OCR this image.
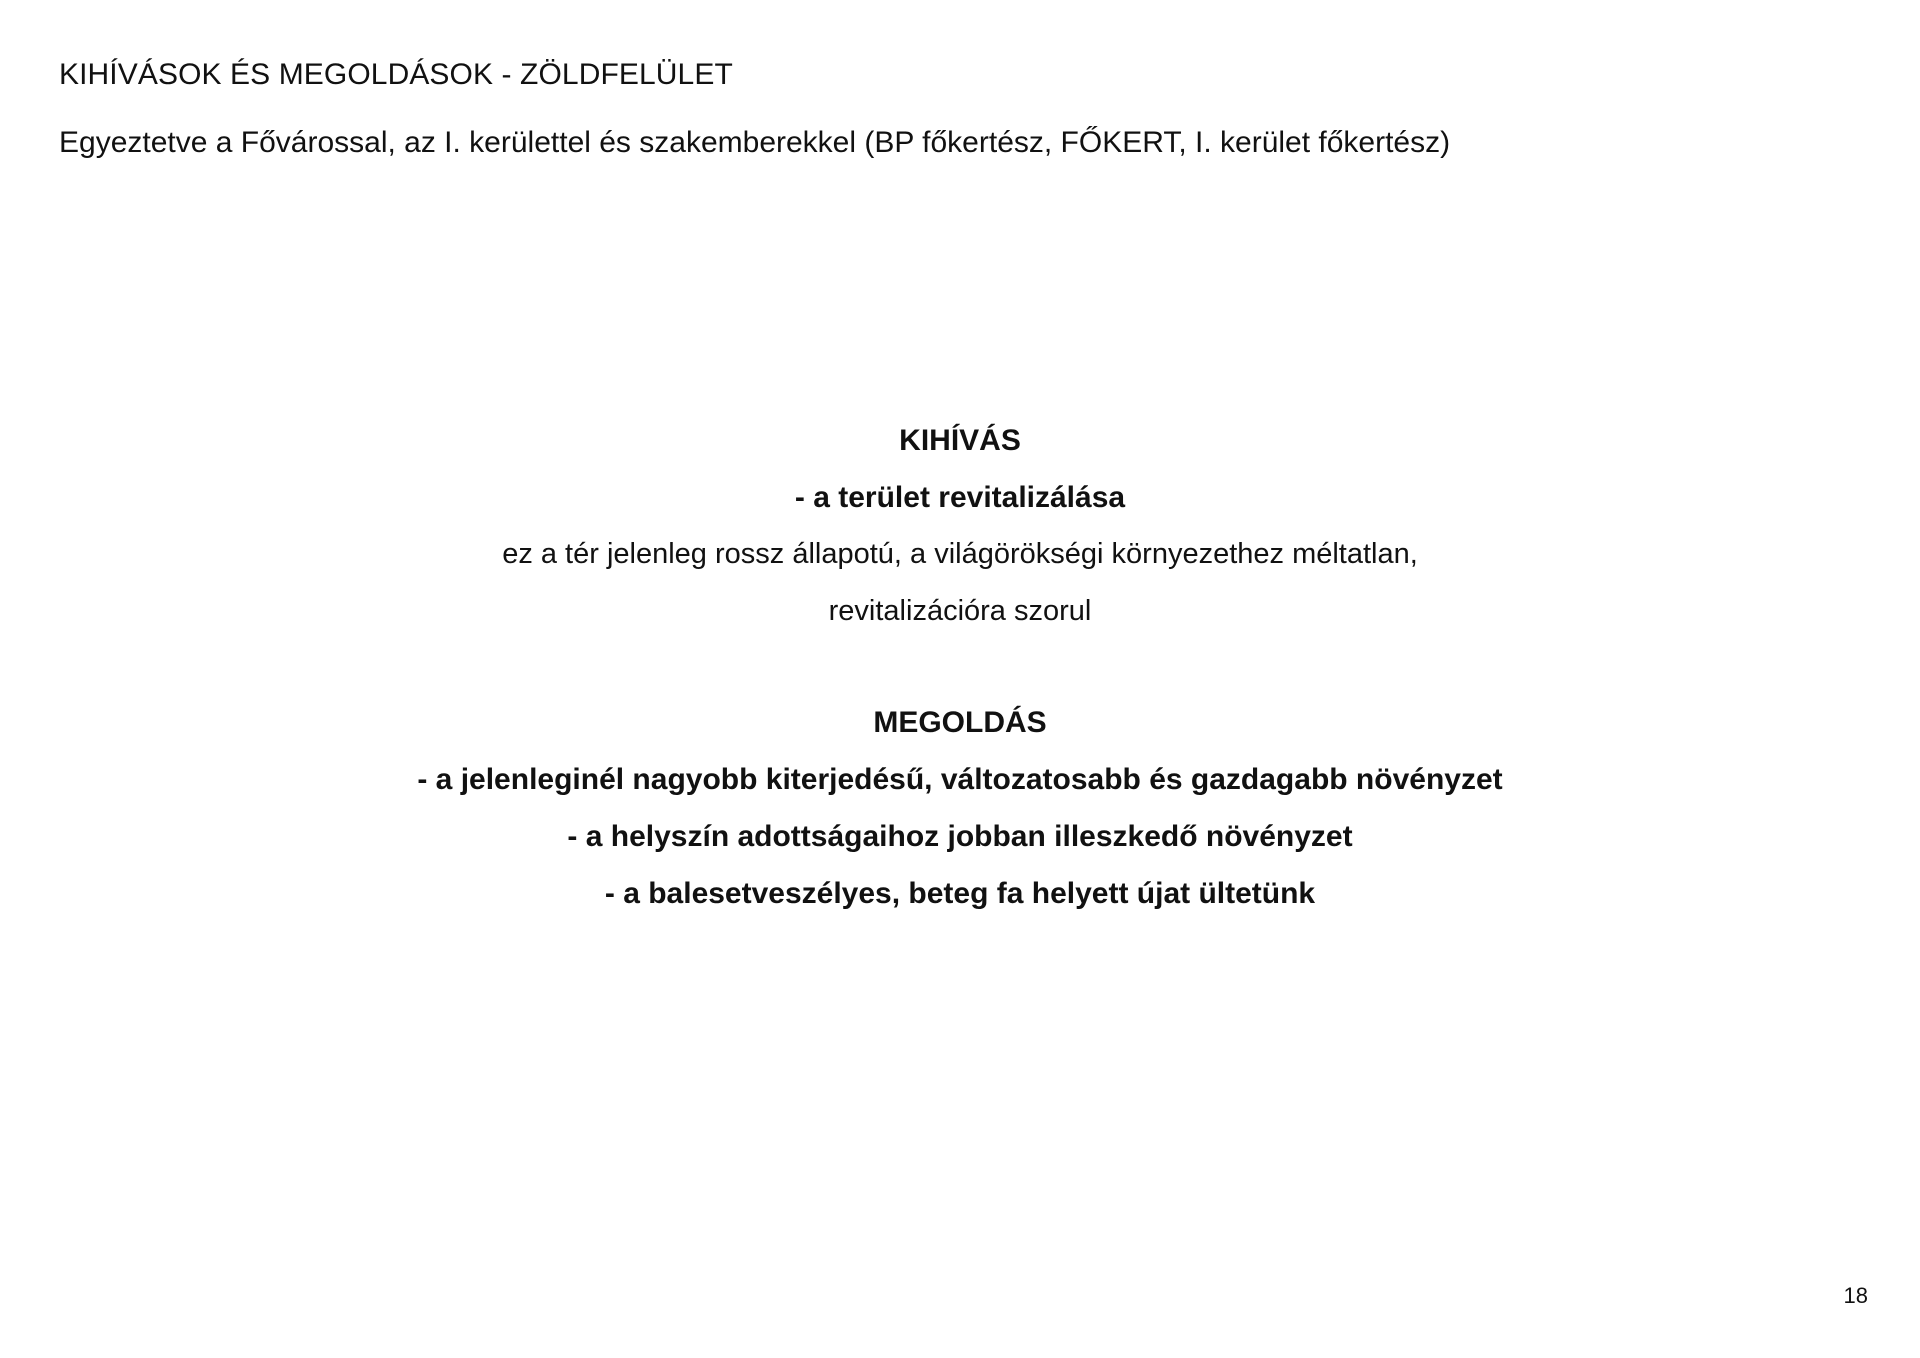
KIHÍVÁSOK ÉS MEGOLDÁSOK - ZÖLDFELÜLET
Egyeztetve a Fővárossal, az I. kerülettel és szakemberekkel (BP főkertész, FŐKERT, I. kerület főkertész)
KIHÍVÁS
- a terület revitalizálása
ez a tér jelenleg rossz állapotú, a világörökségi környezethez méltatlan,
revitalizációra szorul
MEGOLDÁS
- a jelenleginél nagyobb kiterjedésű, változatosabb és gazdagabb növényzet
- a helyszín adottságaihoz jobban illeszkedő növényzet
- a balesetveszélyes, beteg fa helyett újat ültetünk
18
